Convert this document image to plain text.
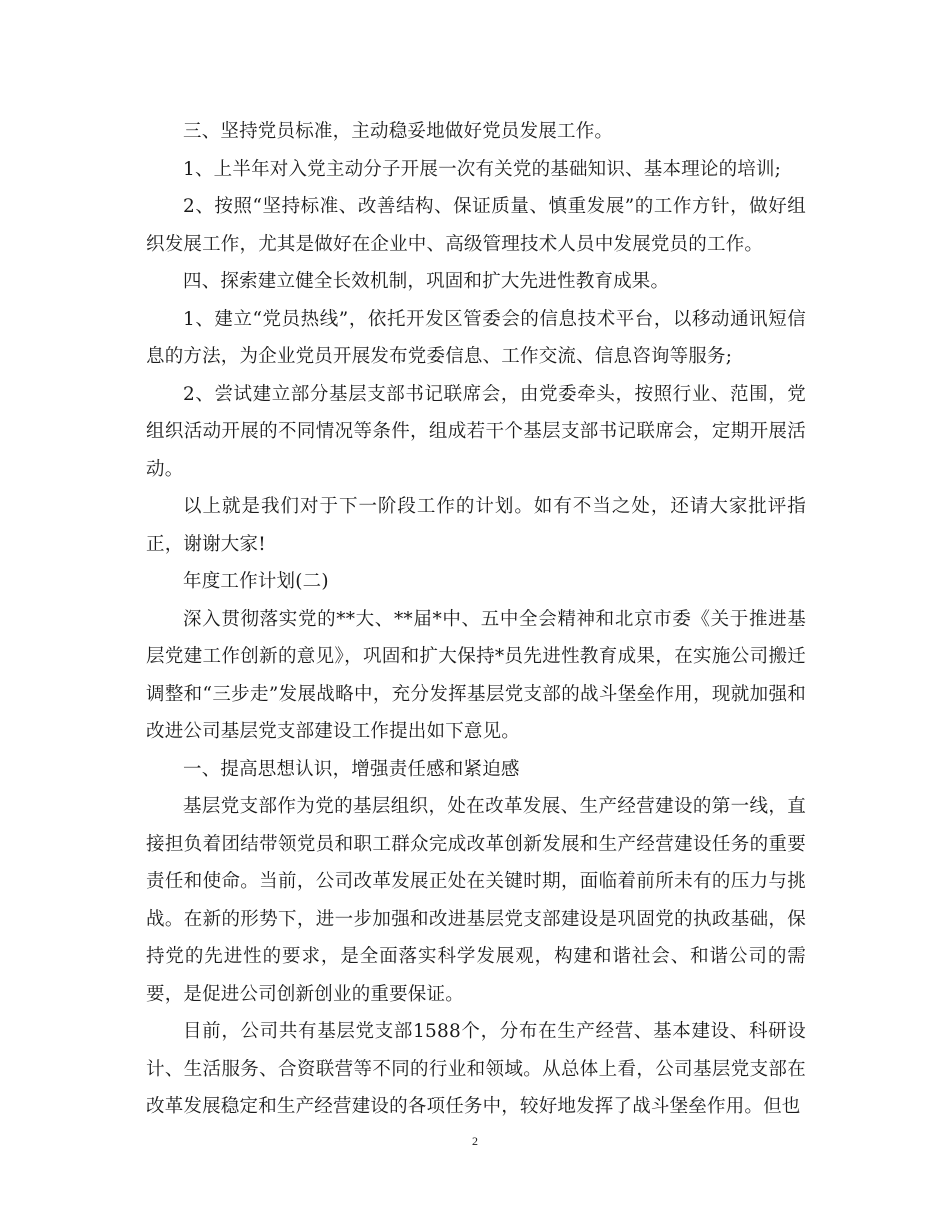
三、坚持党员标准，主动稳妥地做好党员发展工作。

1、上半年对入党主动分子开展一次有关党的基础知识、基本理论的培训;

2、按照“坚持标准、改善结构、保证质量、慎重发展”的工作方针，做好组织发展工作，尤其是做好在企业中、高级管理技术人员中发展党员的工作。

四、探索建立健全长效机制，巩固和扩大先进性教育成果。

1、建立“党员热线”，依托开发区管委会的信息技术平台，以移动通讯短信息的方法，为企业党员开展发布党委信息、工作交流、信息咨询等服务;

2、尝试建立部分基层支部书记联席会，由党委牵头，按照行业、范围，党组织活动开展的不同情况等条件，组成若干个基层支部书记联席会，定期开展活动。

以上就是我们对于下一阶段工作的计划。如有不当之处，还请大家批评指正，谢谢大家!

年度工作计划(二)

深入贯彻落实党的**大、**届*中、五中全会精神和北京市委《关于推进基层党建工作创新的意见》，巩固和扩大保持*员先进性教育成果，在实施公司搬迁调整和“三步走”发展战略中，充分发挥基层党支部的战斗堡垒作用，现就加强和改进公司基层党支部建设工作提出如下意见。

一、提高思想认识，增强责任感和紧迫感

基层党支部作为党的基层组织，处在改革发展、生产经营建设的第一线，直接担负着团结带领党员和职工群众完成改革创新发展和生产经营建设任务的重要责任和使命。当前，公司改革发展正处在关键时期，面临着前所未有的压力与挑战。在新的形势下，进一步加强和改进基层党支部建设是巩固党的执政基础，保持党的先进性的要求，是全面落实科学发展观，构建和谐社会、和谐公司的需要，是促进公司创新创业的重要保证。

目前，公司共有基层党支部1588个，分布在生产经营、基本建设、科研设计、生活服务、合资联营等不同的行业和领域。从总体上看，公司基层党支部在改革发展稳定和生产经营建设的各项任务中，较好地发挥了战斗堡垒作用。但也

2
